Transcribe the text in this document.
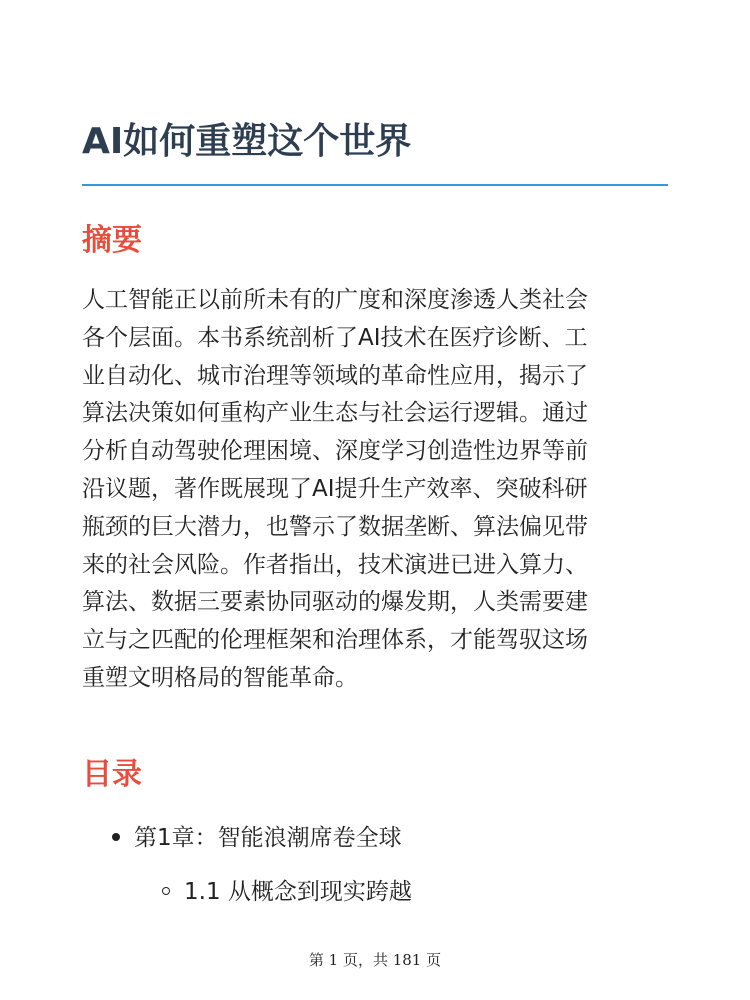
AI如何重塑这个世界
摘要

人工智能正以前所未有的广度和深度渗透人类社会
各个层面。本书系统剖析了AI技术在医疗诊断、工
业自动化、城市治理等领域的革命性应用，揭示了
算法决策如何重构产业生态与社会运行逻辑。通过
分析自动驾驶伦理困境、深度学习创造性边界等前
沿议题，著作既展现了AI提升生产效率、突破科研
瓶颈的巨大潜力，也警示了数据垄断、算法偏见带
来的社会风险。作者指出，技术演进已进入算力、
算法、数据三要素协同驱动的爆发期，人类需要建
立与之匹配的伦理框架和治理体系，才能驾驭这场
重塑文明格局的智能革命。

目录
第1章：智能浪潮席卷全球
1.1 从概念到现实跨越
第 1 页，共 181 页
